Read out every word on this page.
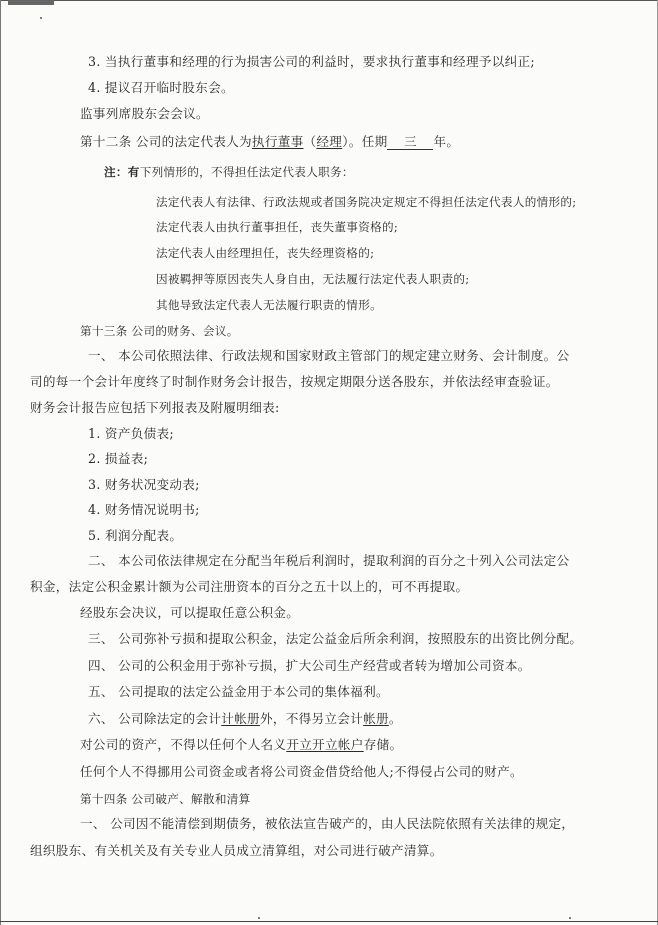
3. 当执行董事和经理的行为损害公司的利益时，要求执行董事和经理予以纠正;
4. 提议召开临时股东会。
监事列席股东会会议。
第十二条 公司的法定代表人为执行董事（经理）。任期 三 年。
注：有下列情形的，不得担任法定代表人职务：
法定代表人有法律、行政法规或者国务院决定规定不得担任法定代表人的情形的;
法定代表人由执行董事担任，丧失董事资格的;
法定代表人由经理担任，丧失经理资格的;
因被羁押等原因丧失人身自由，无法履行法定代表人职责的;
其他导致法定代表人无法履行职责的情形。
第十三条 公司的财务、会议。
一、 本公司依照法律、行政法规和国家财政主管部门的规定建立财务、会计制度。公
司的每一个会计年度终了时制作财务会计报告，按规定期限分送各股东，并依法经审查验证。
财务会计报告应包括下列报表及附履明细表:
1. 资产负债表;
2. 损益表;
3. 财务状况变动表;
4. 财务情况说明书;
5. 利润分配表。
二、 本公司依法律规定在分配当年税后利润时，提取利润的百分之十列入公司法定公
积金，法定公积金累计额为公司注册资本的百分之五十以上的，可不再提取。
经股东会决议，可以提取任意公积金。
三、 公司弥补亏损和提取公积金，法定公益金后所余利润，按照股东的出资比例分配。
四、 公司的公积金用于弥补亏损，扩大公司生产经营或者转为增加公司资本。
五、 公司提取的法定公益金用于本公司的集体福利。
六、 公司除法定的会计计帐册外，不得另立会计帐册。
对公司的资产，不得以任何个人名义开立开立帐户存储。
任何个人不得挪用公司资金或者将公司资金借贷给他人;不得侵占公司的财产。
第十四条 公司破产、解散和清算
一、 公司因不能清偿到期债务，被依法宣告破产的，由人民法院依照有关法律的规定，
组织股东、有关机关及有关专业人员成立清算组，对公司进行破产清算。
